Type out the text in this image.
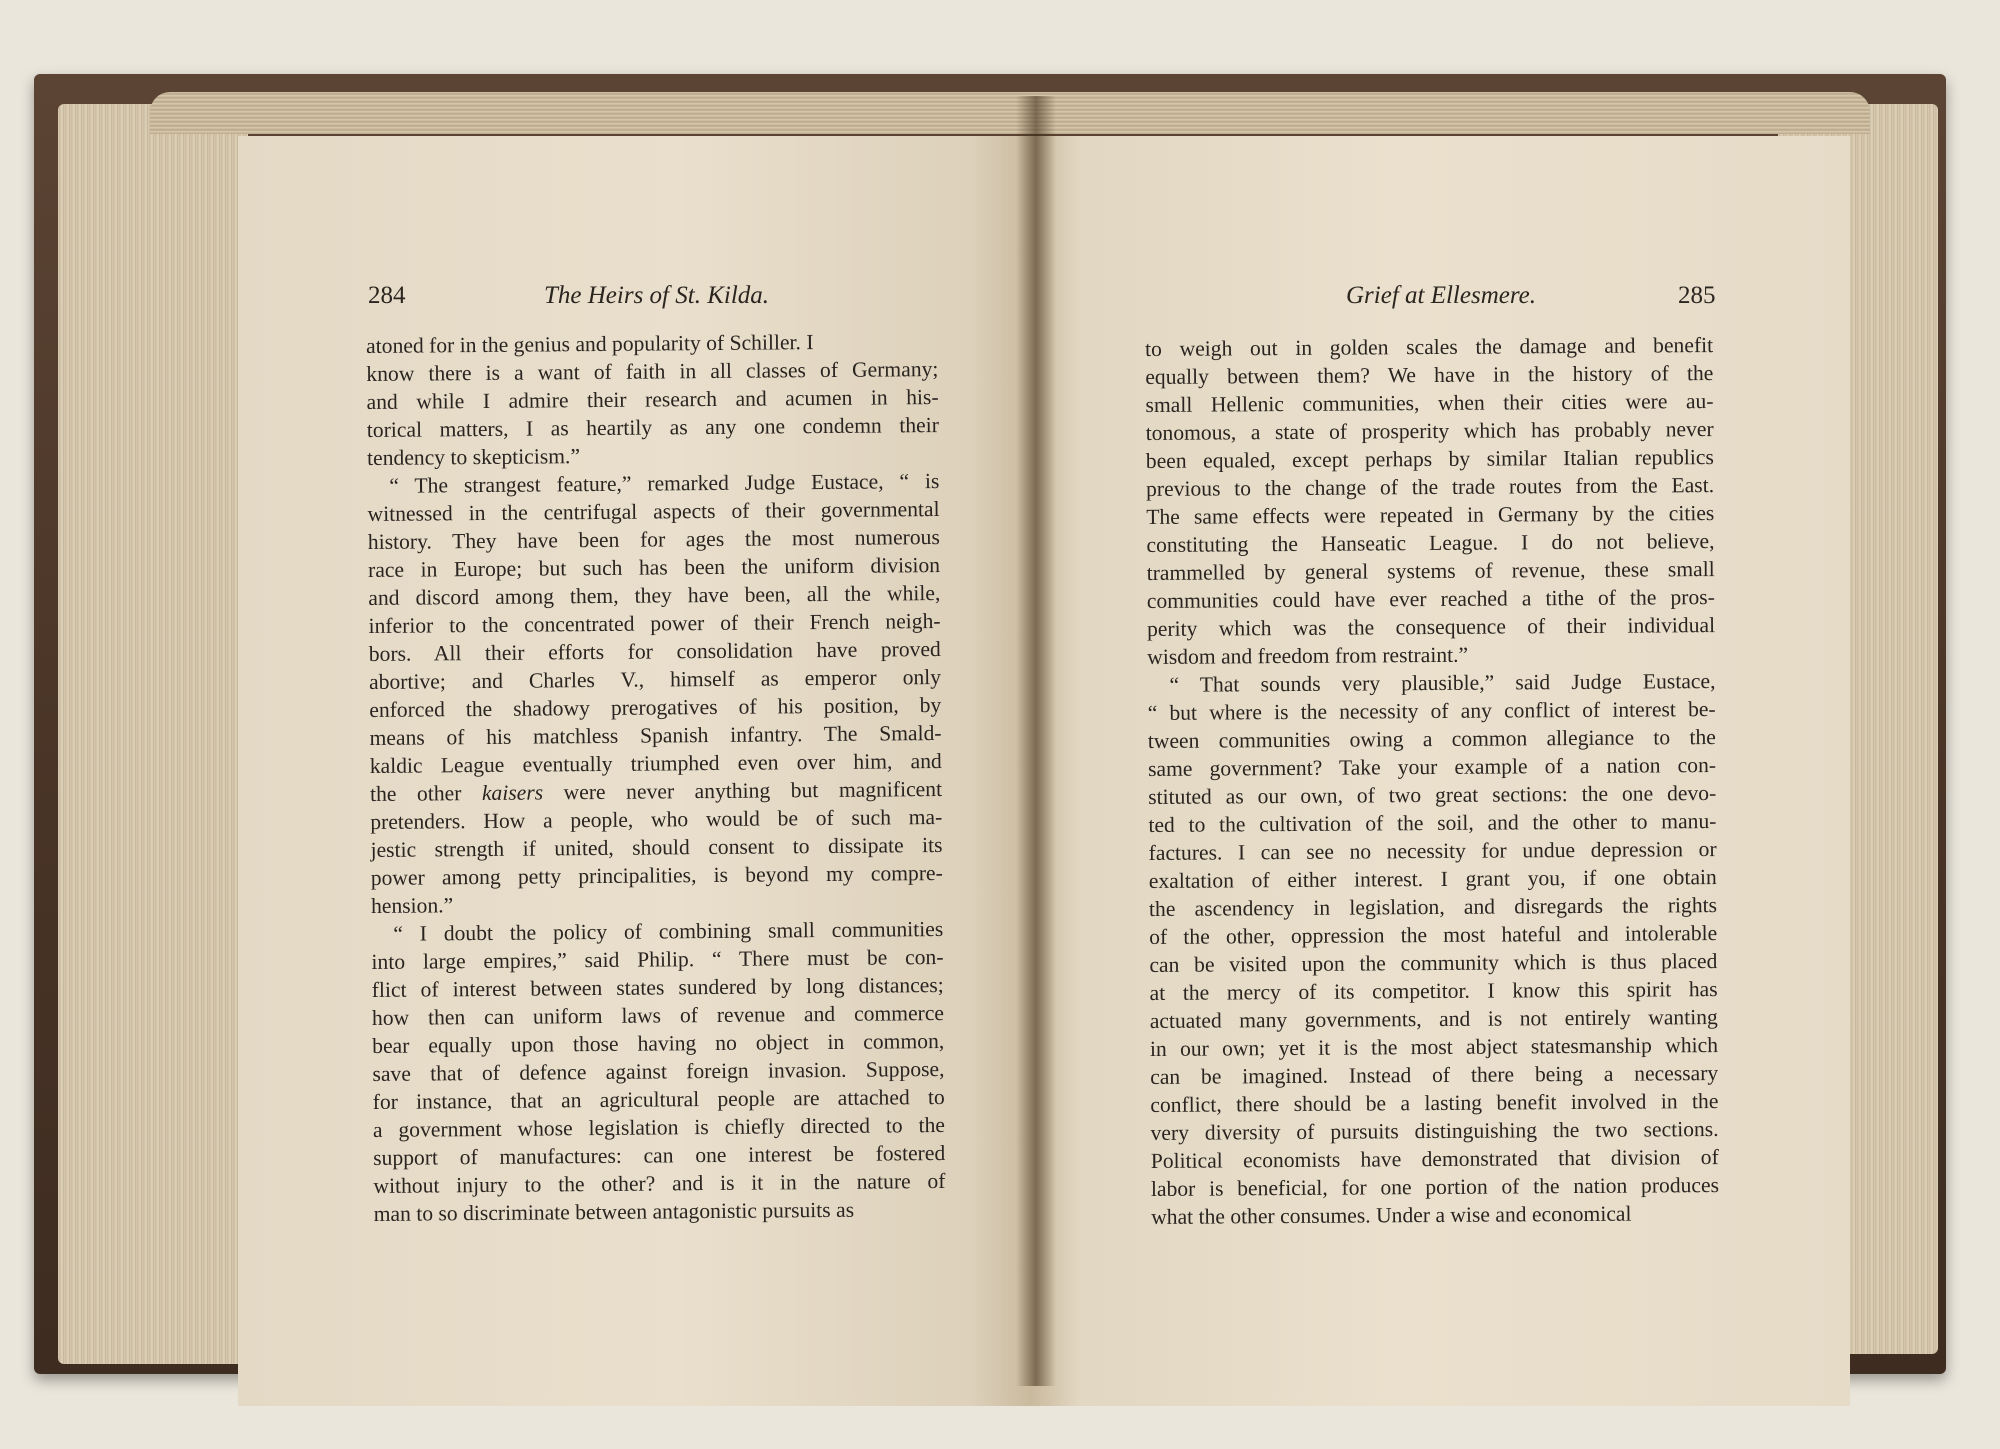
284	The Heirs of St. Kilda.	Grief at Ellesmere.	285
atoned for in the genius and popularity of Schiller. I
know there is a want of faith in all classes of Germany;
and while I admire their research and acumen in his-
torical matters, I as heartily as any one condemn their
tendency to skepticism.”
“ The strangest feature,” remarked Judge Eustace, “ is
witnessed in the centrifugal aspects of their governmental
history. They have been for ages the most numerous
race in Europe; but such has been the uniform division
and discord among them, they have been, all the while,
inferior to the concentrated power of their French neigh-
bors. All their efforts for consolidation have proved
abortive; and Charles V., himself as emperor only
enforced the shadowy prerogatives of his position, by
means of his matchless Spanish infantry. The Smald-
kaldic League eventually triumphed even over him, and
the other kaisers were never anything but magnificent
pretenders. How a people, who would be of such ma-
jestic strength if united, should consent to dissipate its
power among petty principalities, is beyond my compre-
hension.”
“ I doubt the policy of combining small communities
into large empires,” said Philip. “ There must be con-
flict of interest between states sundered by long distances;
how then can uniform laws of revenue and commerce
bear equally upon those having no object in common,
save that of defence against foreign invasion. Suppose,
for instance, that an agricultural people are attached to
a government whose legislation is chiefly directed to the
support of manufactures: can one interest be fostered
without injury to the other? and is it in the nature of
man to so discriminate between antagonistic pursuits as
to weigh out in golden scales the damage and benefit
equally between them? We have in the history of the
small Hellenic communities, when their cities were au-
tonomous, a state of prosperity which has probably never
been equaled, except perhaps by similar Italian republics
previous to the change of the trade routes from the East.
The same effects were repeated in Germany by the cities
constituting the Hanseatic League. I do not believe,
trammelled by general systems of revenue, these small
communities could have ever reached a tithe of the pros-
perity which was the consequence of their individual
wisdom and freedom from restraint.”
“ That sounds very plausible,” said Judge Eustace,
“ but where is the necessity of any conflict of interest be-
tween communities owing a common allegiance to the
same government? Take your example of a nation con-
stituted as our own, of two great sections: the one devo-
ted to the cultivation of the soil, and the other to manu-
factures. I can see no necessity for undue depression or
exaltation of either interest. I grant you, if one obtain
the ascendency in legislation, and disregards the rights
of the other, oppression the most hateful and intolerable
can be visited upon the community which is thus placed
at the mercy of its competitor. I know this spirit has
actuated many governments, and is not entirely wanting
in our own; yet it is the most abject statesmanship which
can be imagined. Instead of there being a necessary
conflict, there should be a lasting benefit involved in the
very diversity of pursuits distinguishing the two sections.
Political economists have demonstrated that division of
labor is beneficial, for one portion of the nation produces
what the other consumes. Under a wise and economical
